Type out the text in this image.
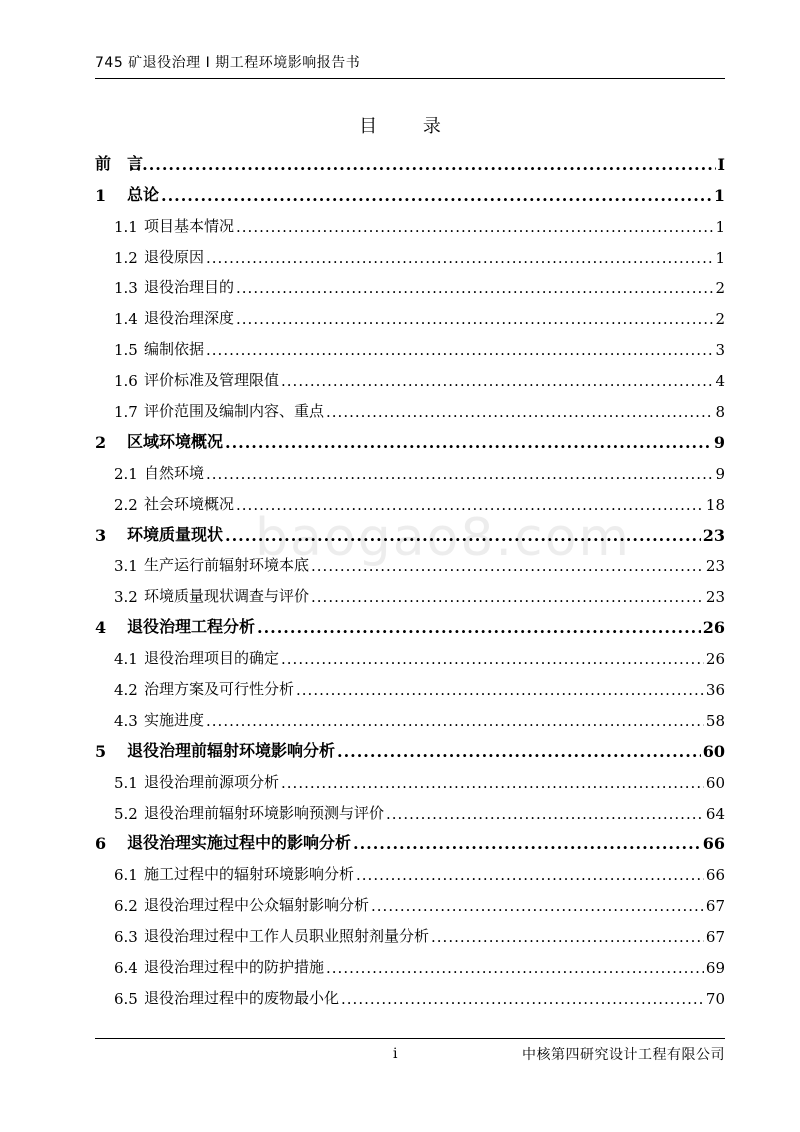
745 矿退役治理 I 期工程环境影响报告书
目 录
前　言 .....	I
1	总论 .....	1
1.1 项目基本情况 .....	1
1.2 退役原因 .....	1
1.3 退役治理目的 .....	2
1.4 退役治理深度 .....	2
1.5 编制依据 .....	3
1.6 评价标准及管理限值 .....	4
1.7 评价范围及编制内容、重点 .....	8
2	区域环境概况 .....	9
2.1 自然环境 .....	9
2.2 社会环境概况 .....	18
3	环境质量现状 .....	23
3.1 生产运行前辐射环境本底 .....	23
3.2 环境质量现状调查与评价 .....	23
4	退役治理工程分析 .....	26
4.1 退役治理项目的确定 .....	26
4.2 治理方案及可行性分析 .....	36
4.3 实施进度 .....	58
5	退役治理前辐射环境影响分析 .....	60
5.1 退役治理前源项分析 .....	60
5.2 退役治理前辐射环境影响预测与评价 .....	64
6	退役治理实施过程中的影响分析 .....	66
6.1 施工过程中的辐射环境影响分析 .....	66
6.2 退役治理过程中公众辐射影响分析 .....	67
6.3 退役治理过程中工作人员职业照射剂量分析 .....	67
6.4 退役治理过程中的防护措施 .....	69
6.5 退役治理过程中的废物最小化 .....	70
baogao8.com
i	中核第四研究设计工程有限公司
